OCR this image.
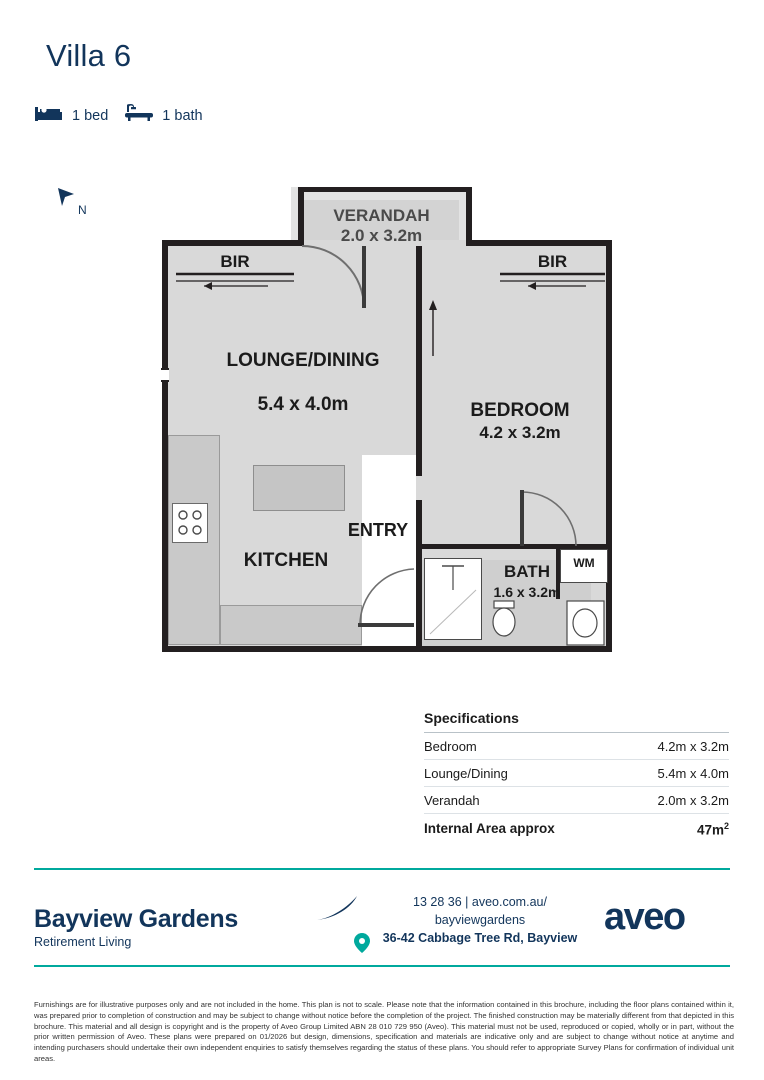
Villa 6
1 bed	1 bath
N	VERANDAH
2.0 x 3.2m
BIR	BIR
LOUNGE/DINING
5.4 x 4.0m	BEDROOM
4.2 x 3.2m
KITCHEN
ENTRY
BATH
1.6 x 3.2m
WM
Specifications
Bedroom	4.2m x 3.2m
Lounge/Dining	5.4m x 4.0m
Verandah	2.0m x 3.2m
Internal Area approx	$47m^2$
Bayview Gardens
Retirement Living
13 28 36 | aveo.com.au/
bayviewgardens
36-42 Cabbage Tree Rd, Bayview
aveo
Furnishings are for illustrative purposes only and are not included in the home. This plan is not to scale. Please note that the information contained in this brochure, including the floor plans contained within it, was prepared prior to completion of construction and may be subject to change without notice before the completion of the project. The finished construction may be materially different from that depicted in this brochure. This material and all design is copyright and is the property of Aveo Group Limited ABN 28 010 729 950 (Aveo). This material must not be used, reproduced or copied, wholly or in part, without the prior written permission of Aveo. These plans were prepared on 01/2026 but design, dimensions, specification and materials are indicative only and are subject to change without notice at anytime and intending purchasers should undertake their own independent enquiries to satisfy themselves regarding the status of these plans. You should refer to appropriate Survey Plans for confirmation of individual unit areas.
